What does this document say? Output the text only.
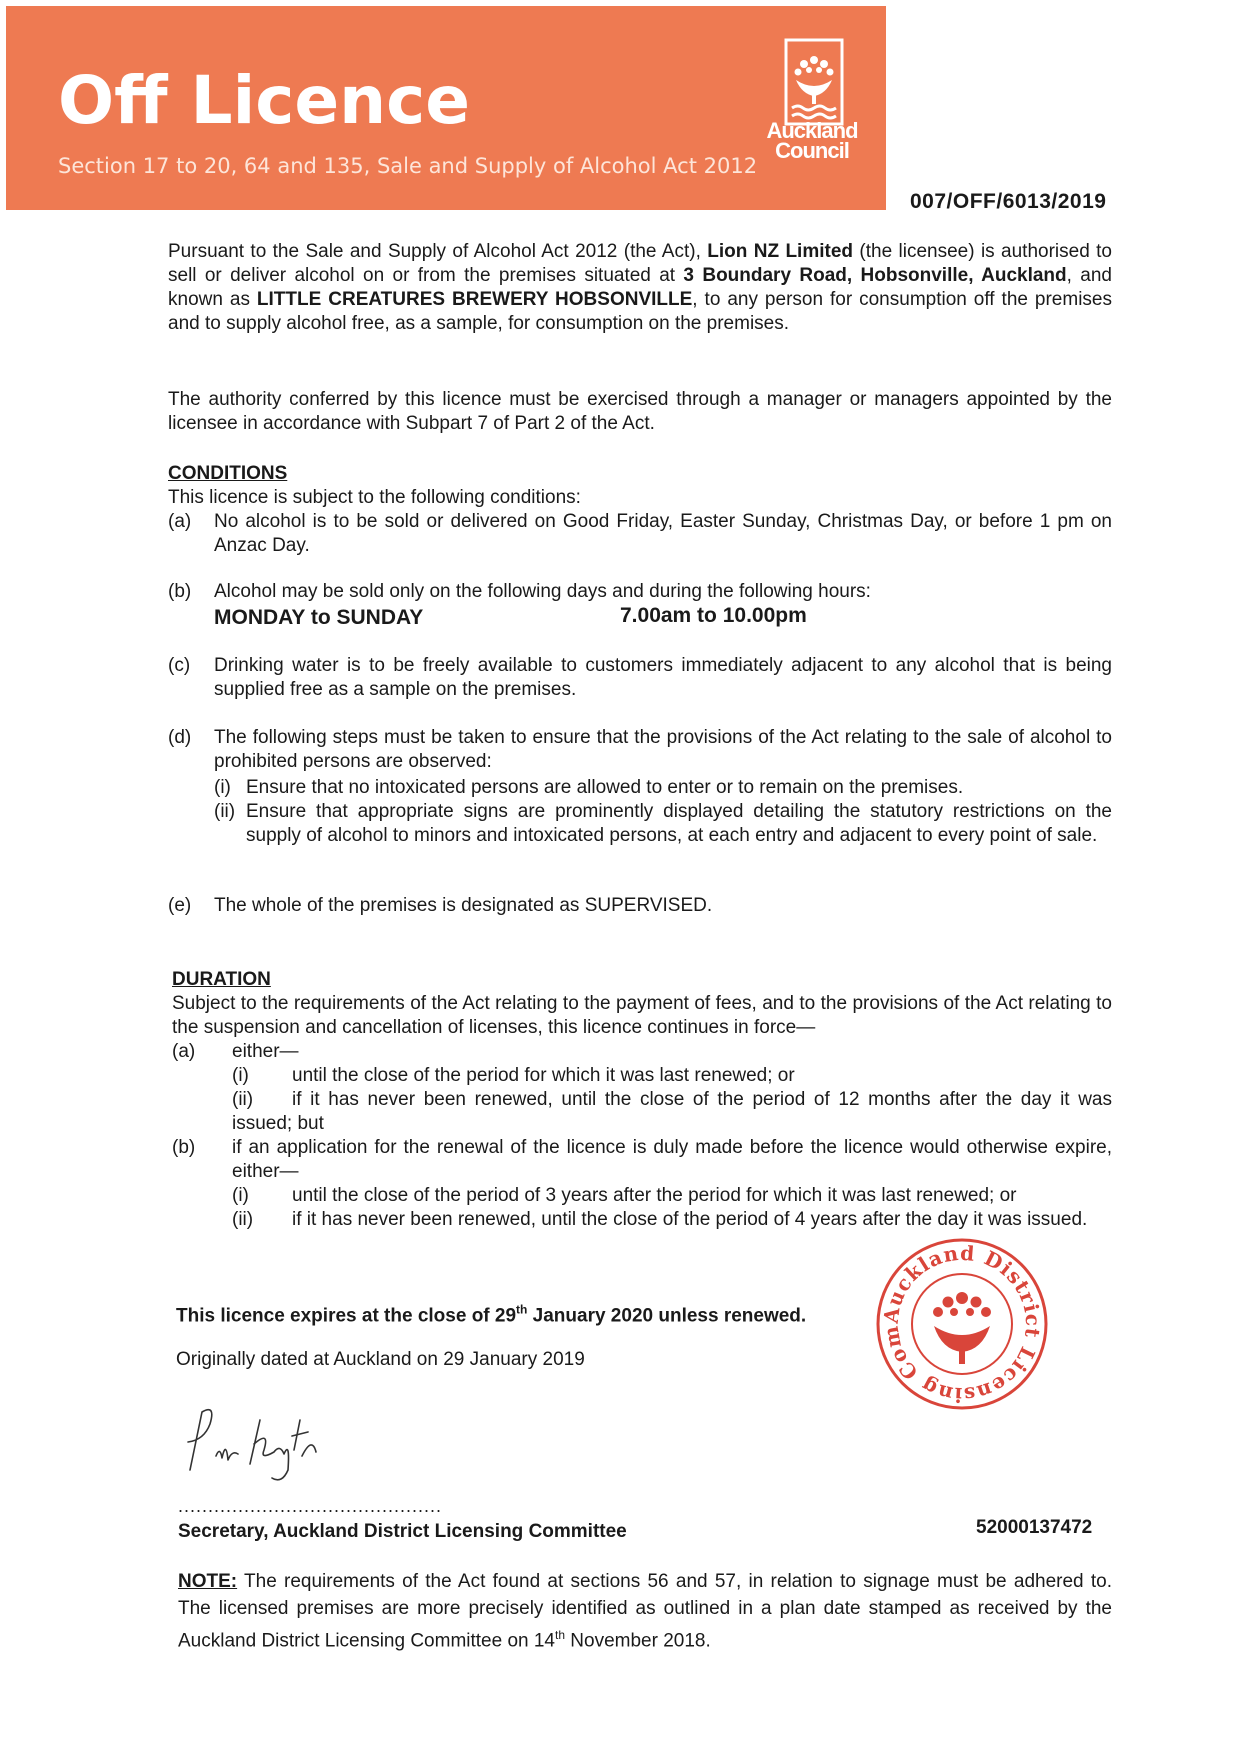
Off Licence
Section 17 to 20, 64 and 135, Sale and Supply of Alcohol Act 2012
Auckland
Council
007/OFF/6013/2019
Pursuant to the Sale and Supply of Alcohol Act 2012 (the Act), Lion NZ Limited (the licensee) is authorised to sell or deliver alcohol on or from the premises situated at 3 Boundary Road, Hobsonville, Auckland, and known as LITTLE CREATURES BREWERY HOBSONVILLE, to any person for consumption off the premises and to supply alcohol free, as a sample, for consumption on the premises.
The authority conferred by this licence must be exercised through a manager or managers appointed by the licensee in accordance with Subpart 7 of Part 2 of the Act.
CONDITIONS
This licence is subject to the following conditions:
(a) No alcohol is to be sold or delivered on Good Friday, Easter Sunday, Christmas Day, or before 1 pm on Anzac Day.
(b) Alcohol may be sold only on the following days and during the following hours:
MONDAY to SUNDAY	7.00am to 10.00pm
(c) Drinking water is to be freely available to customers immediately adjacent to any alcohol that is being supplied free as a sample on the premises.
(d) The following steps must be taken to ensure that the provisions of the Act relating to the sale of alcohol to prohibited persons are observed:
(i) Ensure that no intoxicated persons are allowed to enter or to remain on the premises.
(ii) Ensure that appropriate signs are prominently displayed detailing the statutory restrictions on the supply of alcohol to minors and intoxicated persons, at each entry and adjacent to every point of sale.
(e) The whole of the premises is designated as SUPERVISED.
DURATION
Subject to the requirements of the Act relating to the payment of fees, and to the provisions of the Act relating to the suspension and cancellation of licenses, this licence continues in force—
(a) either—
(i) until the close of the period for which it was last renewed; or
(ii)	if it has never been renewed, until the close of the period of 12 months after the day it was issued; but
(b) if an application for the renewal of the licence is duly made before the licence would otherwise expire, either—
(i) until the close of the period of 3 years after the period for which it was last renewed; or
(ii)	if it has never been renewed, until the close of the period of 4 years after the day it was issued.
This licence expires at the close of 29th January 2020 unless renewed.
Originally dated at Auckland on 29 January 2019
Auckland District Licensing Com
............................................
Secretary, Auckland District Licensing Committee	52000137472
NOTE: The requirements of the Act found at sections 56 and 57, in relation to signage must be adhered to. The licensed premises are more precisely identified as outlined in a plan date stamped as received by the Auckland District Licensing Committee on 14th November 2018.
